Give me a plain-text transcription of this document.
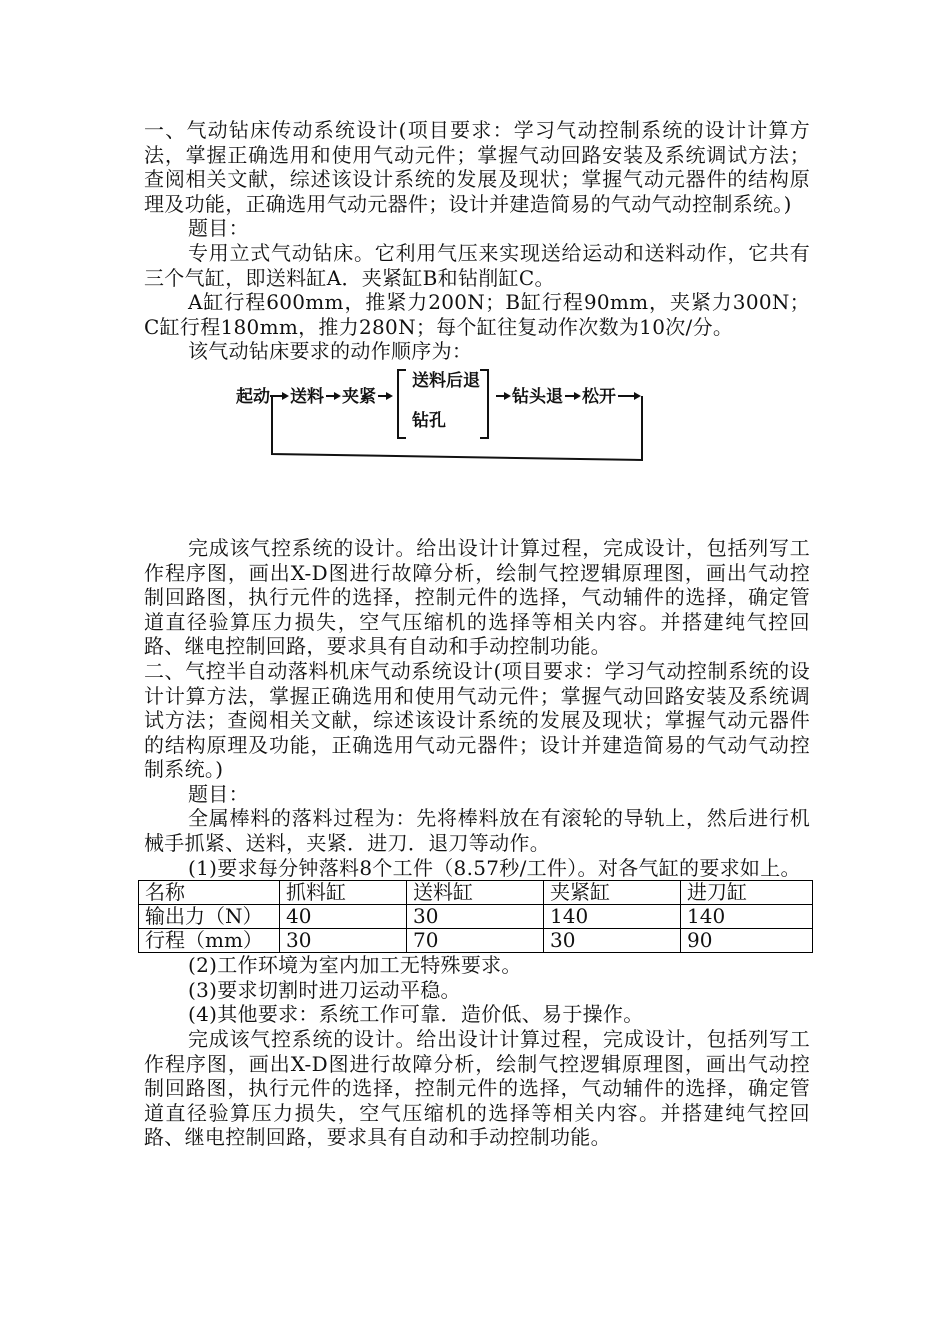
一、气动钻床传动系统设计(项目要求：学习气动控制系统的设计计算方法，掌握正确选用和使用气动元件；掌握气动回路安装及系统调试方法；查阅相关文献，综述该设计系统的发展及现状；掌握气动元器件的结构原理及功能，正确选用气动元器件；设计并建造简易的气动气动控制系统。)

题目：

专用立式气动钻床。它利用气压来实现送给运动和送料动作，它共有三个气缸，即送料缸A．夹紧缸B和钻削缸C。

A缸行程600mm，推紧力200N；B缸行程90mm，夹紧力300N；C缸行程180mm，推力280N；每个缸往复动作次数为10次/分。

该气动钻床要求的动作顺序为：

起动 送料 夹紧
送料后退
钻孔
钻头退 松开

完成该气控系统的设计。给出设计计算过程，完成设计，包括列写工作程序图，画出X-D图进行故障分析，绘制气控逻辑原理图，画出气动控制回路图，执行元件的选择，控制元件的选择，气动辅件的选择，确定管道直径验算压力损失，空气压缩机的选择等相关内容。并搭建纯气控回路、继电控制回路，要求具有自动和手动控制功能。

二、气控半自动落料机床气动系统设计(项目要求：学习气动控制系统的设计计算方法，掌握正确选用和使用气动元件；掌握气动回路安装及系统调试方法；查阅相关文献，综述该设计系统的发展及现状；掌握气动元器件的结构原理及功能，正确选用气动元器件；设计并建造简易的气动气动控制系统。)

题目：

全属棒料的落料过程为：先将棒料放在有滚轮的导轨上，然后进行机械手抓紧、送料，夹紧．进刀．退刀等动作。

(1)要求每分钟落料8个工件（8.57秒/工件）。对各气缸的要求如上。

名称	抓料缸	送料缸	夹紧缸	进刀缸
输出力（N）	40	30	140	140
行程（mm）	30	70	30	90

(2)工作环境为室内加工无特殊要求。

(3)要求切割时进刀运动平稳。

(4)其他要求：系统工作可靠．造价低、易于操作。

完成该气控系统的设计。给出设计计算过程，完成设计，包括列写工作程序图，画出X-D图进行故障分析，绘制气控逻辑原理图，画出气动控制回路图，执行元件的选择，控制元件的选择，气动辅件的选择，确定管道直径验算压力损失，空气压缩机的选择等相关内容。并搭建纯气控回路、继电控制回路，要求具有自动和手动控制功能。
